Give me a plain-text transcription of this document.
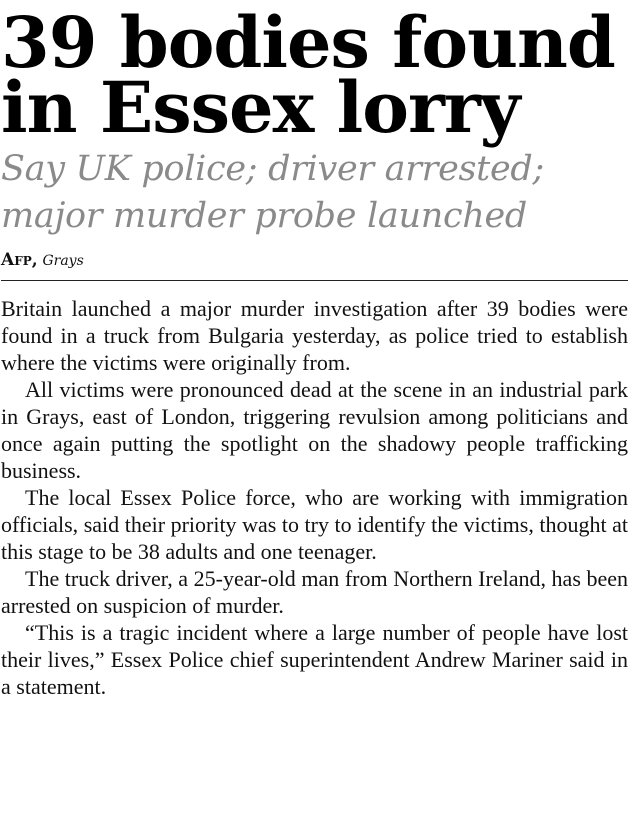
39 bodies found
in Essex lorry
Say UK police; driver arrested;
major murder probe launched
Afp, Grays

Britain launched a major murder investigation after 39 bodies were found in a truck from Bulgaria yesterday, as police tried to establish where the victims were originally from.

All victims were pronounced dead at the scene in an industrial park in Grays, east of London, triggering revulsion among politicians and once again putting the spotlight on the shadowy people trafficking business.

The local Essex Police force, who are working with immigration officials, said their priority was to try to identify the victims, thought at this stage to be 38 adults and one teenager.

The truck driver, a 25-year-old man from Northern Ireland, has been arrested on suspicion of murder.

“This is a tragic incident where a large number of people have lost their lives,” Essex Police chief superintendent Andrew Mariner said in a statement.
